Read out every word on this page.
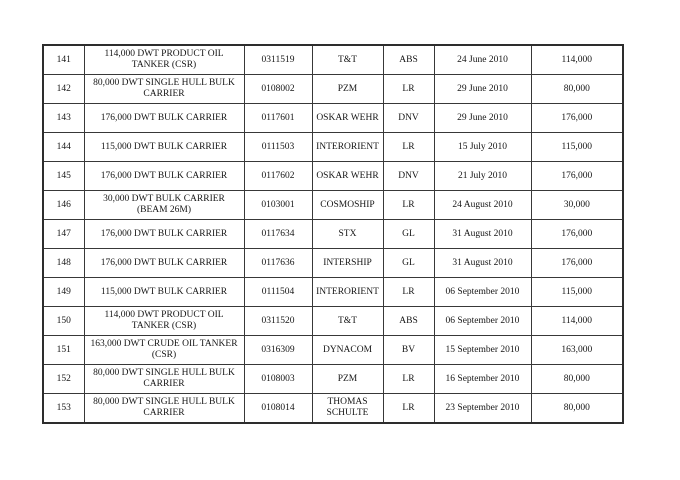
141	114,000 DWT PRODUCT OIL TANKER (CSR)	0311519	T&T	ABS	24 June 2010	114,000
142	80,000 DWT SINGLE HULL BULK CARRIER	0108002	PZM	LR	29 June 2010	80,000
143	176,000 DWT BULK CARRIER	0117601	OSKAR WEHR	DNV	29 June 2010	176,000
144	115,000 DWT BULK CARRIER	0111503	INTERORIENT	LR	15 July 2010	115,000
145	176,000 DWT BULK CARRIER	0117602	OSKAR WEHR	DNV	21 July 2010	176,000
146	30,000 DWT BULK CARRIER (BEAM 26M)	0103001	COSMOSHIP	LR	24 August 2010	30,000
147	176,000 DWT BULK CARRIER	0117634	STX	GL	31 August 2010	176,000
148	176,000 DWT BULK CARRIER	0117636	INTERSHIP	GL	31 August 2010	176,000
149	115,000 DWT BULK CARRIER	0111504	INTERORIENT	LR	06 September 2010	115,000
150	114,000 DWT PRODUCT OIL TANKER (CSR)	0311520	T&T	ABS	06 September 2010	114,000
151	163,000 DWT CRUDE OIL TANKER (CSR)	0316309	DYNACOM	BV	15 September 2010	163,000
152	80,000 DWT SINGLE HULL BULK CARRIER	0108003	PZM	LR	16 September 2010	80,000
153	80,000 DWT SINGLE HULL BULK CARRIER	0108014	THOMAS SCHULTE	LR	23 September 2010	80,000
